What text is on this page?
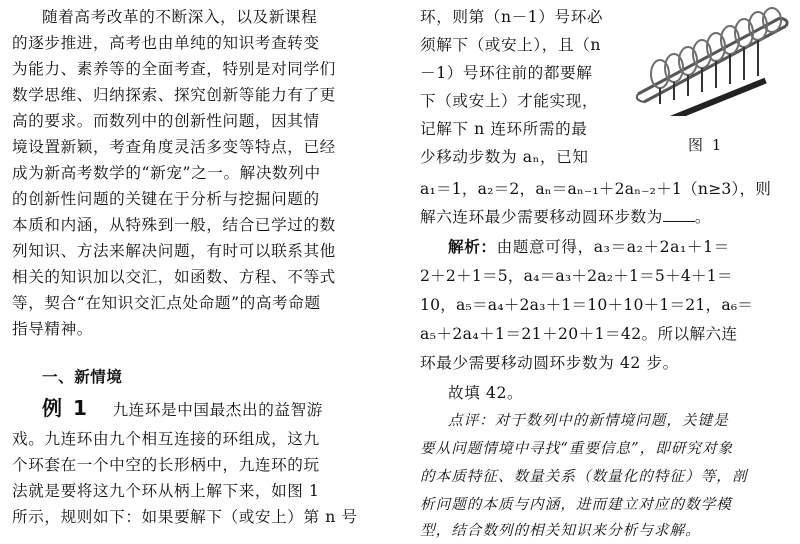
随着高考改革的不断深入，以及新课程
的逐步推进，高考也由单纯的知识考查转变
为能力、素养等的全面考查，特别是对同学们
数学思维、归纳探索、探究创新等能力有了更
高的要求。而数列中的创新性问题，因其情
境设置新颖，考查角度灵活多变等特点，已经
成为新高考数学的“新宠”之一。解决数列中
的创新性问题的关键在于分析与挖掘问题的
本质和内涵，从特殊到一般，结合已学过的数
列知识、方法来解决问题，有时可以联系其他
相关的知识加以交汇，如函数、方程、不等式
等，契合“在知识交汇点处命题”的高考命题
指导精神。
一、新情境
例 1 九连环是中国最杰出的益智游
戏。九连环由九个相互连接的环组成，这九
个环套在一个中空的长形柄中，九连环的玩
法就是要将这九个环从柄上解下来，如图 1
所示，规则如下：如果要解下（或安上）第 n 号
环，则第（n－1）号环必
须解下（或安上），且（n
－1）号环往前的都要解
下（或安上）才能实现，
记解下 n 连环所需的最
少移动步数为 aₙ，已知
a₁＝1，a₂＝2，aₙ＝aₙ₋₁＋2aₙ₋₂＋1（n≥3），则
解六连环最少需要移动圆环步数为 。
解析：由题意可得，a₃＝a₂＋2a₁＋1＝
2＋2＋1＝5，a₄＝a₃＋2a₂＋1＝5＋4＋1＝
10，a₅＝a₄＋2a₃＋1＝10＋10＋1＝21，a₆＝
a₅＋2a₄＋1＝21＋20＋1＝42。所以解六连
环最少需要移动圆环步数为 42 步。
故填 42。
点评：对于数列中的新情境问题，关键是
要从问题情境中寻找“重要信息”，即研究对象
的本质特征、数量关系（数量化的特征）等，剖
析问题的本质与内涵，进而建立对应的数学模
型，结合数列的相关知识来分析与求解。
图 1
